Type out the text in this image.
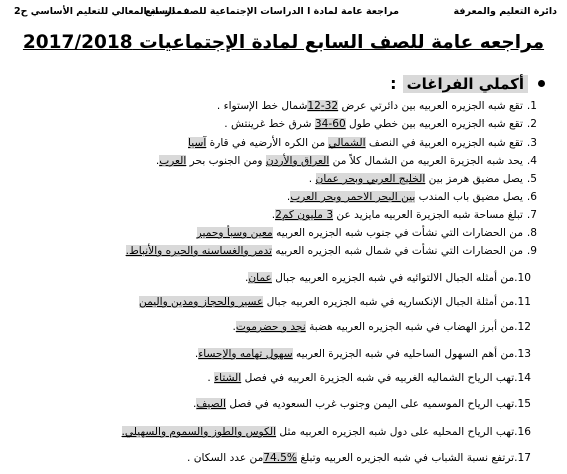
دائرة التعليم والمعرفة
مراجعة عامة لمادة ا الدراسات الإجتماعية للصف السابع
مدرسة المعالي للتعليم الأساسي ح2
مراجعه عامة للصف السابع لمادة الإجتماعيات 2017/2018
أكملي الفراغات
:
1.تقع شبه الجزيره العربيه بين دائرتي عرض 32-12شمال خط الإستواء .
2.تقع شبه الجزيره العربيه بين خطي طول 60-34 شرق خط غرينتش .
3.تقع شبه الجزيره العربية في النصف الشمالي من الكره الأرضيه في قارة آسيا
4.يحد شبه الجزيرة العربيه من الشمال كلاً من العراق والأردن ومن الجنوب بحر العرب.
5.يصل مضيق هرمز بين الخليج العربي وبحر عمان .
6.يصل مضيق باب المندب بين البحر الاحمر وبحر العرب.
7.تبلغ مساحة شبه الجزيرة العربيه مايزيد عن 3 مليون كم2.
8.من الحضارات التي نشأت في جنوب شبه الجزيره العربيه معين وسبأ وحمير
9.من الحضارات التي نشأت في شمال شبه الجزيره العربيه تدمر والغساسنه والحيره والأنباط.
10.من أمثله الجبال الالتوائيه في شبه الجزيره العربيه جبال عمان.
11.من أمثلة الجبال الإنكساريه في شبه الجزيره العربيه جبال عسير والحجاز ومدين واليمن
12.من أبرز الهضاب في شبه الجزيره العربيه هضبة نجد و حضرموت.
13.من أهم السهول الساحليه في شبه الجزيرة العربيه سهول تهامه والإحساء.
14.تهب الرياح الشماليه الغربيه في شبه الجزيرة العربيه في فصل الشتاء .
15.تهب الرياح الموسميه على اليمن وجنوب غرب السعوديه في فصل الصيف.
16.تهب الرياح المحليه على دول شبه الجزيره العربيه مثل الكوس والطوز والسموم والسهيلي.
17.ترتفع نسبة الشباب في شبه الجزيره العربيه وتبلغ %74.5من عدد السكان .
